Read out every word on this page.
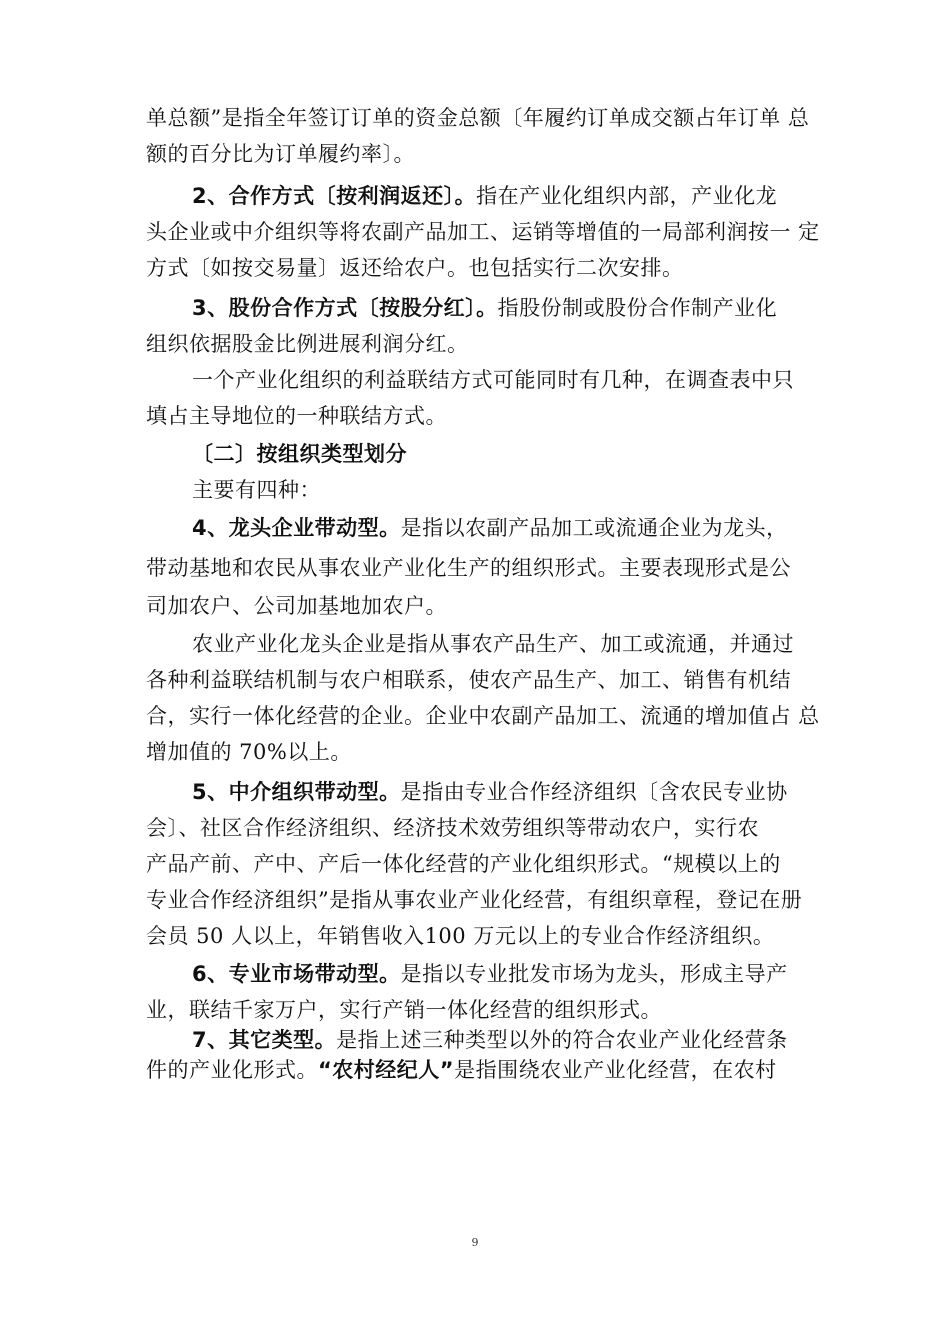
单总额”是指全年签订订单的资金总额〔年履约订单成交额占年订单 总
额的百分比为订单履约率〕。
2、合作方式〔按利润返还〕。指在产业化组织内部，产业化龙
头企业或中介组织等将农副产品加工、运销等增值的一局部利润按一 定
方式〔如按交易量〕返还给农户。也包括实行二次安排。
3、股份合作方式〔按股分红〕。指股份制或股份合作制产业化
组织依据股金比例进展利润分红。
一个产业化组织的利益联结方式可能同时有几种，在调查表中只
填占主导地位的一种联结方式。
〔二〕按组织类型划分
主要有四种：
4、龙头企业带动型。是指以农副产品加工或流通企业为龙头，
带动基地和农民从事农业产业化生产的组织形式。主要表现形式是公
司加农户、公司加基地加农户。
农业产业化龙头企业是指从事农产品生产、加工或流通，并通过
各种利益联结机制与农户相联系，使农产品生产、加工、销售有机结
合，实行一体化经营的企业。企业中农副产品加工、流通的增加值占 总
增加值的 70%以上。
5、中介组织带动型。是指由专业合作经济组织〔含农民专业协
会〕、社区合作经济组织、经济技术效劳组织等带动农户，实行农
产品产前、产中、产后一体化经营的产业化组织形式。“规模以上的
专业合作经济组织”是指从事农业产业化经营，有组织章程，登记在册
会员 50 人以上，年销售收入100 万元以上的专业合作经济组织。
6、专业市场带动型。是指以专业批发市场为龙头，形成主导产
业，联结千家万户，实行产销一体化经营的组织形式。
7、其它类型。是指上述三种类型以外的符合农业产业化经营条
件的产业化形式。“农村经纪人”是指围绕农业产业化经营，在农村
9
